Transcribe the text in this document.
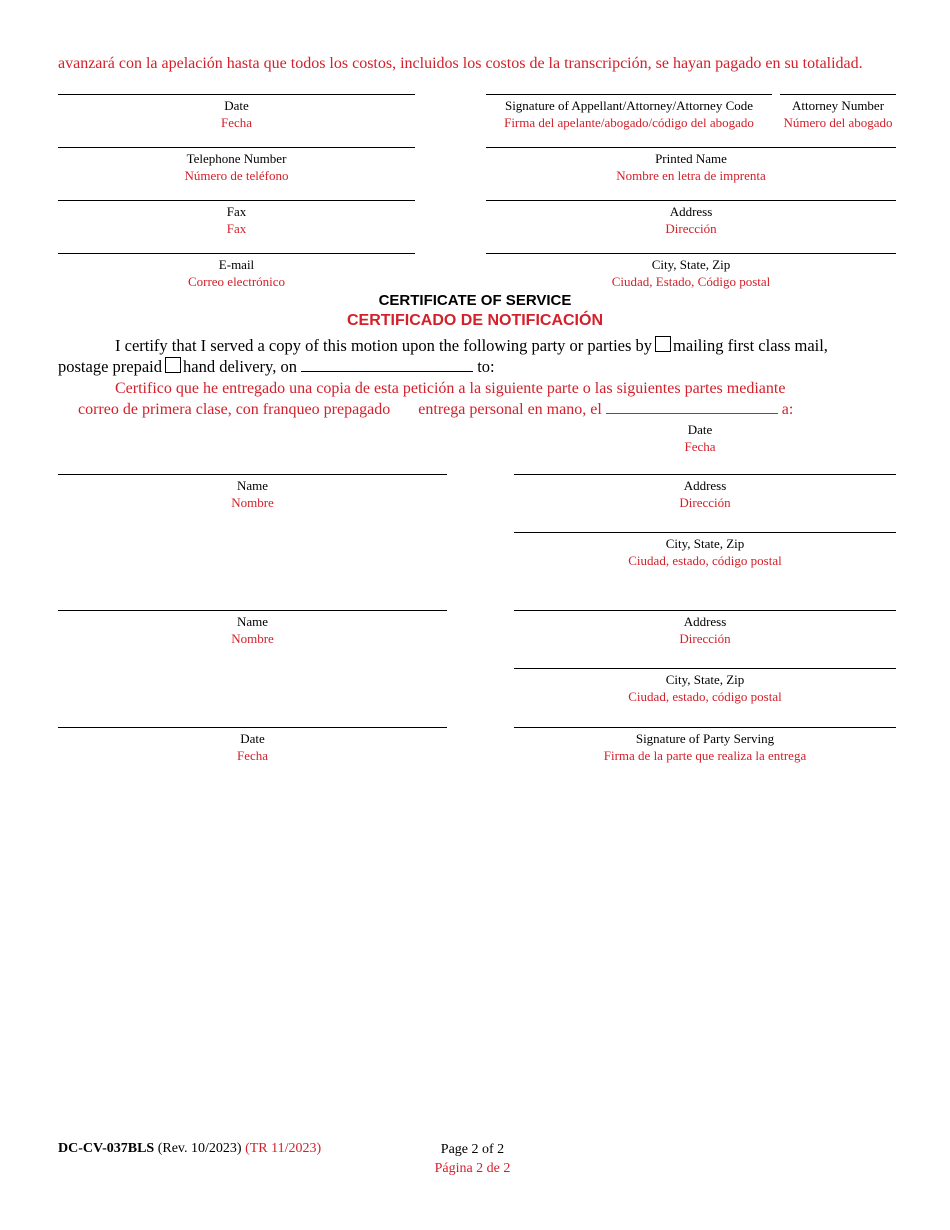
avanzará con la apelación hasta que todos los costos, incluidos los costos de la transcripción, se hayan pagado en su totalidad.
Date
Fecha
Signature of Appellant/Attorney/Attorney Code
Firma del apelante/abogado/código del abogado
Attorney Number
Número del abogado
Telephone Number
Número de teléfono
Printed Name
Nombre en letra de imprenta
Fax
Fax
Address
Dirección
E-mail
Correo electrónico
City, State, Zip
Ciudad, Estado, Código postal
CERTIFICATE OF SERVICE
CERTIFICADO DE NOTIFICACIÓN
I certify that I served a copy of this motion upon the following party or parties by mailing first class mail,
postage prepaid hand delivery, on	to:
Certifico que he entregado una copia de esta petición a la siguiente parte o las siguientes partes mediante
correo de primera clase, con franqueo prepagado entrega personal en mano, el	a:
Date
Fecha
Name
Nombre
Address
Dirección
City, State, Zip
Ciudad, estado, código postal
Name
Nombre
Address
Dirección
City, State, Zip
Ciudad, estado, código postal
Date
Fecha
Signature of Party Serving
Firma de la parte que realiza la entrega
DC-CV-037BLS (Rev. 10/2023) (TR 11/2023)	Page 2 of 2
Página 2 de 2
